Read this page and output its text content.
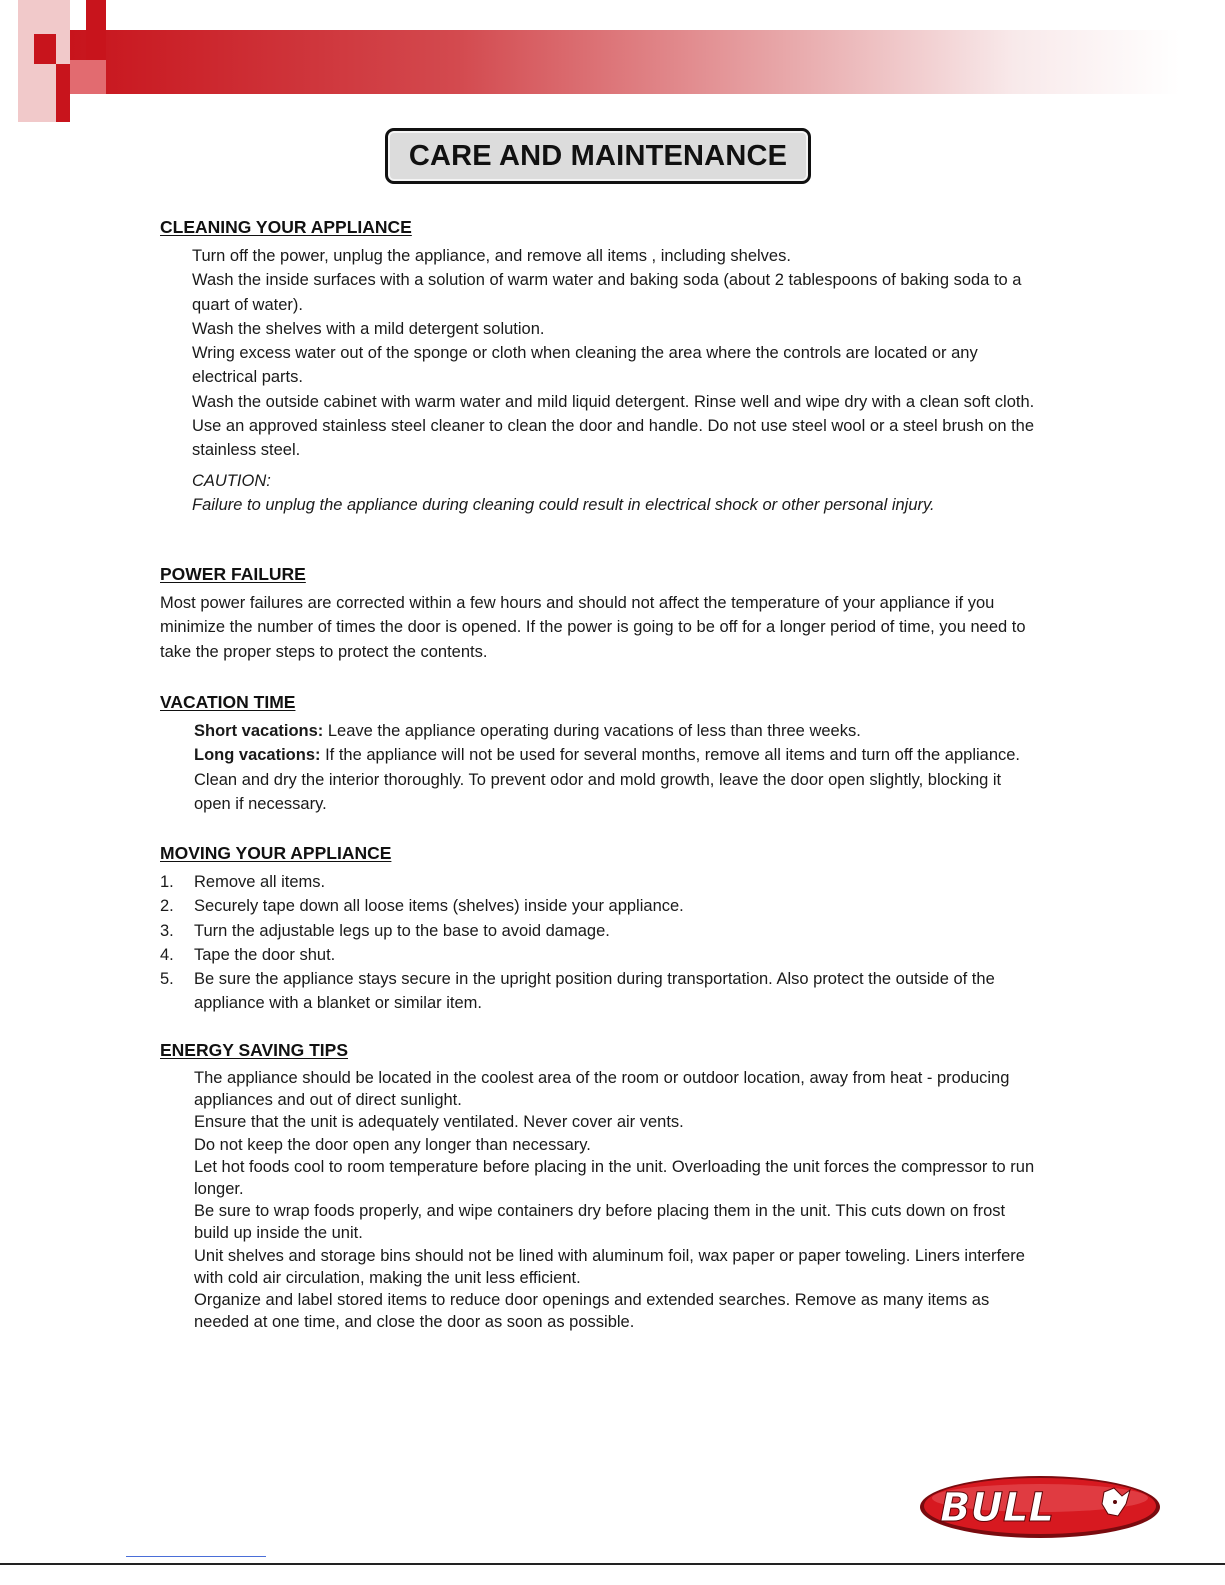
CARE AND MAINTENANCE
CLEANING YOUR APPLIANCE

Turn off the power, unplug the appliance, and remove all items , including shelves.

Wash the inside surfaces with a solution of warm water and baking soda (about 2 tablespoons of baking soda to a quart of water).

Wash the shelves with a mild detergent solution.

Wring excess water out of the sponge or cloth when cleaning the area where the controls are located or any electrical parts.

Wash the outside cabinet with warm water and mild liquid detergent. Rinse well and wipe dry with a clean soft cloth.

Use an approved stainless steel cleaner to clean the door and handle. Do not use steel wool or a steel brush on the stainless steel.

CAUTION:

Failure to unplug the appliance during cleaning could result in electrical shock or other personal injury.

POWER FAILURE

Most power failures are corrected within a few hours and should not affect the temperature of your appliance if you minimize the number of times the door is opened. If the power is going to be off for a longer period of time, you need to take the proper steps to protect the contents.

VACATION TIME

Short vacations: Leave the appliance operating during vacations of less than three weeks.

Long vacations: If the appliance will not be used for several months, remove all items and turn off the appliance. Clean and dry the interior thoroughly. To prevent odor and mold growth, leave the door open slightly, blocking it open if necessary.

MOVING YOUR APPLIANCE
1. Remove all items.
2. Securely tape down all loose items (shelves) inside your appliance.
3. Turn the adjustable legs up to the base to avoid damage.
4. Tape the door shut.
5. Be sure the appliance stays secure in the upright position during transportation. Also protect the outside of the appliance with a blanket or similar item.
ENERGY SAVING TIPS

The appliance should be located in the coolest area of the room or outdoor location, away from heat - producing appliances and out of direct sunlight.

Ensure that the unit is adequately ventilated. Never cover air vents.

Do not keep the door open any longer than necessary.

Let hot foods cool to room temperature before placing in the unit. Overloading the unit forces the compressor to run longer.

Be sure to wrap foods properly, and wipe containers dry before placing them in the unit. This cuts down on frost build up inside the unit.

Unit shelves and storage bins should not be lined with aluminum foil, wax paper or paper toweling. Liners interfere with cold air circulation, making the unit less efficient.

Organize and label stored items to reduce door openings and extended searches. Remove as many items as needed at one time, and close the door as soon as possible.

BULL
